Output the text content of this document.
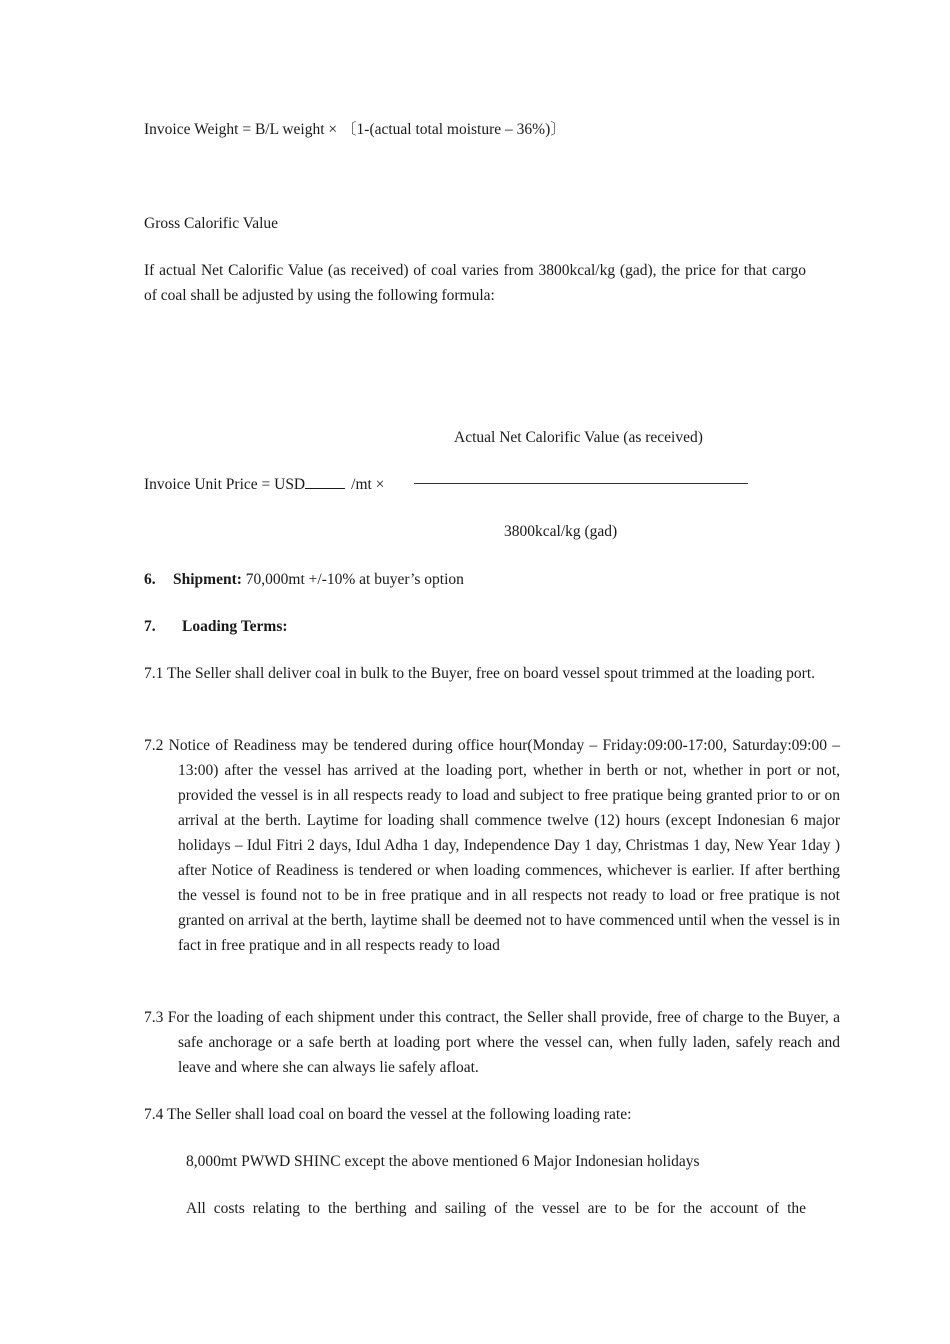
Invoice Weight = B/L weight × 〔1-(actual total moisture – 36%)〕
Gross Calorific Value
If actual Net Calorific Value (as received) of coal varies from 3800kcal/kg (gad), the price for that cargo of coal shall be adjusted by using the following formula:
Actual Net Calorific Value (as received)
Invoice Unit Price = USD	/mt ×
3800kcal/kg (gad)
6. Shipment: 70,000mt +/-10% at buyer’s option
7. Loading Terms:
7.1 The Seller shall deliver coal in bulk to the Buyer, free on board vessel spout trimmed at the loading port.
7.2 Notice of Readiness may be tendered during office hour(Monday – Friday:09:00-17:00, Saturday:09:00 – 13:00) after the vessel has arrived at the loading port, whether in berth or not, whether in port or not, provided the vessel is in all respects ready to load and subject to free pratique being granted prior to or on arrival at the berth. Laytime for loading shall commence twelve (12) hours (except Indonesian 6 major holidays – Idul Fitri 2 days, Idul Adha 1 day, Independence Day 1 day, Christmas 1 day, New Year 1day ) after Notice of Readiness is tendered or when loading commences, whichever is earlier. If after berthing the vessel is found not to be in free pratique and in all respects not ready to load or free pratique is not granted on arrival at the berth, laytime shall be deemed not to have commenced until when the vessel is in fact in free pratique and in all respects ready to load
7.3 For the loading of each shipment under this contract, the Seller shall provide, free of charge to the Buyer, a safe anchorage or a safe berth at loading port where the vessel can, when fully laden, safely reach and leave and where she can always lie safely afloat.
7.4 The Seller shall load coal on board the vessel at the following loading rate:
8,000mt PWWD SHINC except the above mentioned 6 Major Indonesian holidays
All costs relating to the berthing and sailing of the vessel are to be for the account of the
